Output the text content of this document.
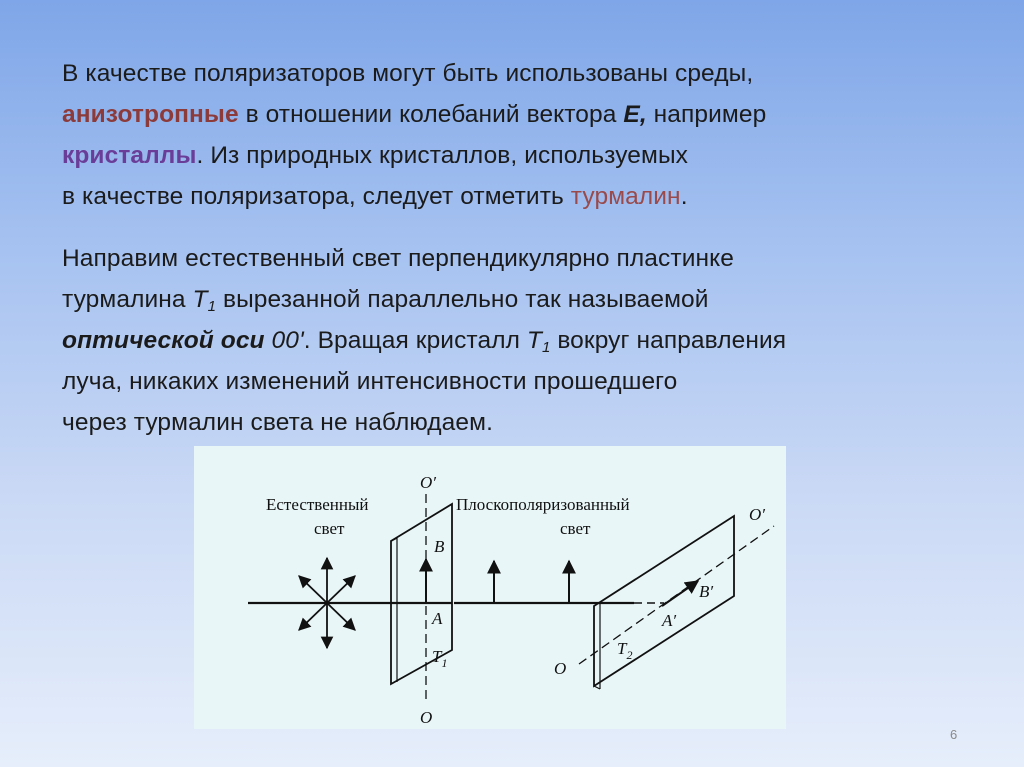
В качестве поляризаторов могут быть использованы среды,
анизотропные в отношении колебаний вектора Е, например
кристаллы. Из природных кристаллов, используемых
в качестве поляризатора, следует отметить турмалин.
Направим естественный свет перпендикулярно пластинке
турмалина $Т_1$ вырезанной параллельно так называемой
оптической оси 00'. Вращая кристалл $Т_1$ вокруг направления
луча, никаких изменений интенсивности прошедшего
через турмалин света не наблюдаем.
Естественный
свет
Плоскополяризованный
свет
O′
O
B
A
$T_1$
O′
O
A′
B′
$T_2$
6
